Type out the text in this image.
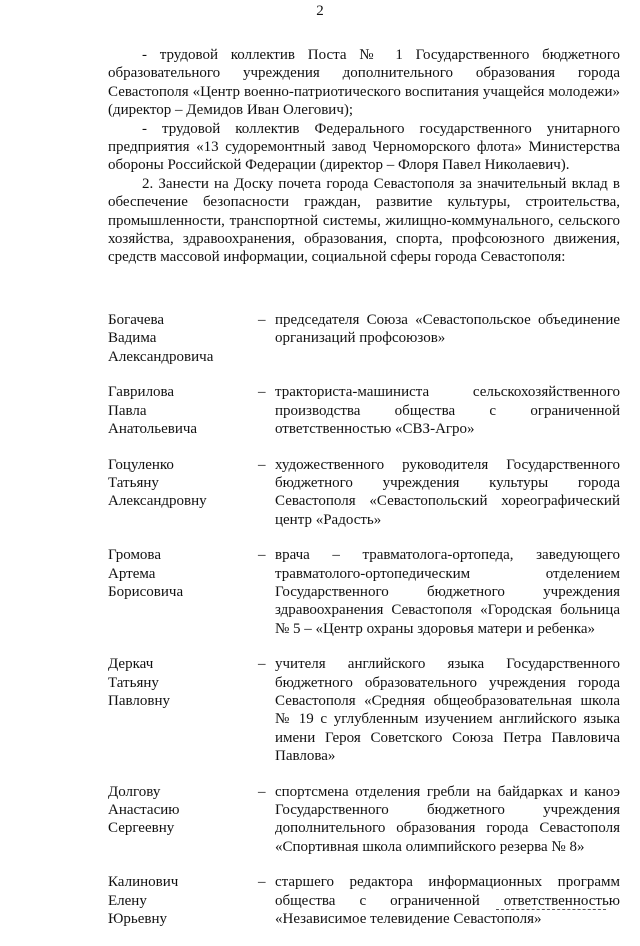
2

- трудовой коллектив Поста № 1 Государственного бюджетного образовательного учреждения дополнительного образования города Севастополя «Центр военно-патриотического воспитания учащейся молодежи» (директор – Демидов Иван Олегович);

- трудовой коллектив Федерального государственного унитарного предприятия «13 судоремонтный завод Черноморского флота» Министерства обороны Российской Федерации (директор – Флоря Павел Николаевич).

2. Занести на Доску почета города Севастополя за значительный вклад в обеспечение безопасности граждан, развитие культуры, строительства, промышленности, транспортной системы, жилищно-коммунального, сельского хозяйства, здравоохранения, образования, спорта, профсоюзного движения, средств массовой информации, социальной сферы города Севастополя:

Богачева
Вадима
Александровича
– председателя Союза «Севастопольское объединение организаций профсоюзов»
Гаврилова
Павла
Анатольевича
– тракториста-машиниста сельскохозяйственного производства общества с ограниченной ответственностью «СВЗ-Агро»
Гоцуленко
Татьяну
Александровну
– художественного руководителя Государственного бюджетного учреждения культуры города Севастополя «Севастопольский хореографический центр «Радость»
Громова
Артема
Борисовича
– врача – травматолога-ортопеда, заведующего травматолого-ортопедическим отделением Государственного бюджетного учреждения здравоохранения Севастополя «Городская больница № 5 – «Центр охраны здоровья матери и ребенка»
Деркач
Татьяну
Павловну
– учителя английского языка Государственного бюджетного образовательного учреждения города Севастополя «Средняя общеобразовательная школа № 19 с углубленным изучением английского языка имени Героя Советского Союза Петра Павловича Павлова»
Долгову
Анастасию
Сергеевну
– спортсмена отделения гребли на байдарках и каноэ Государственного бюджетного учреждения дополнительного образования города Севастополя «Спортивная школа олимпийского резерва № 8»
Калинович
Елену
Юрьевну
– старшего редактора информационных программ общества с ограниченной ответственностью «Независимое телевидение Севастополя»
